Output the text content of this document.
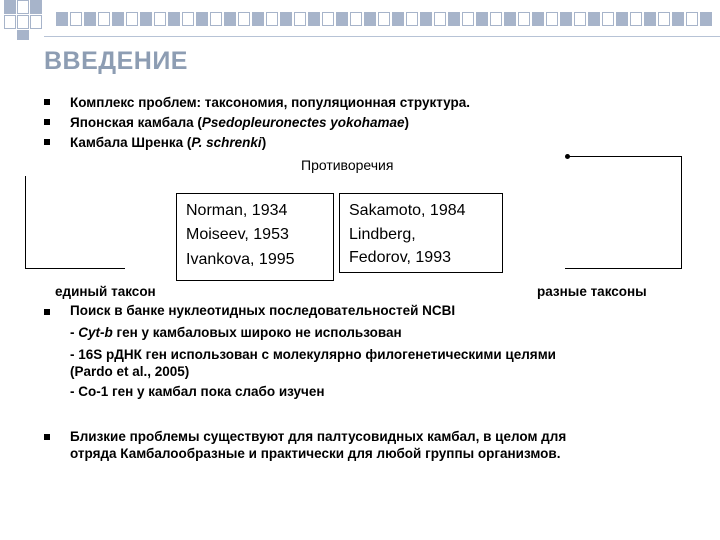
ВВЕДЕНИЕ
Комплекс проблем: таксономия, популяционная структура.
Японская камбала (Psedopleuronectes yokohamae)
Камбала Шренка (P. schrenki)
Противоречия
Norman, 1934
Moiseev, 1953
Ivankova, 1995
Sakamoto, 1984
Lindberg,
Fedorov, 1993
единый таксон	разные таксоны
Поиск в банке нуклеотидных последовательностей NCBI
- Cyt-b ген у камбаловых широко не использован
- 16S рДНК ген использован с молекулярно филогенетическими целями
(Pardo et al., 2005)
- Co-1 ген у камбал пока слабо изучен
Близкие проблемы существуют для палтусовидных камбал, в целом для
отряда Камбалообразные и практически для любой группы организмов.
